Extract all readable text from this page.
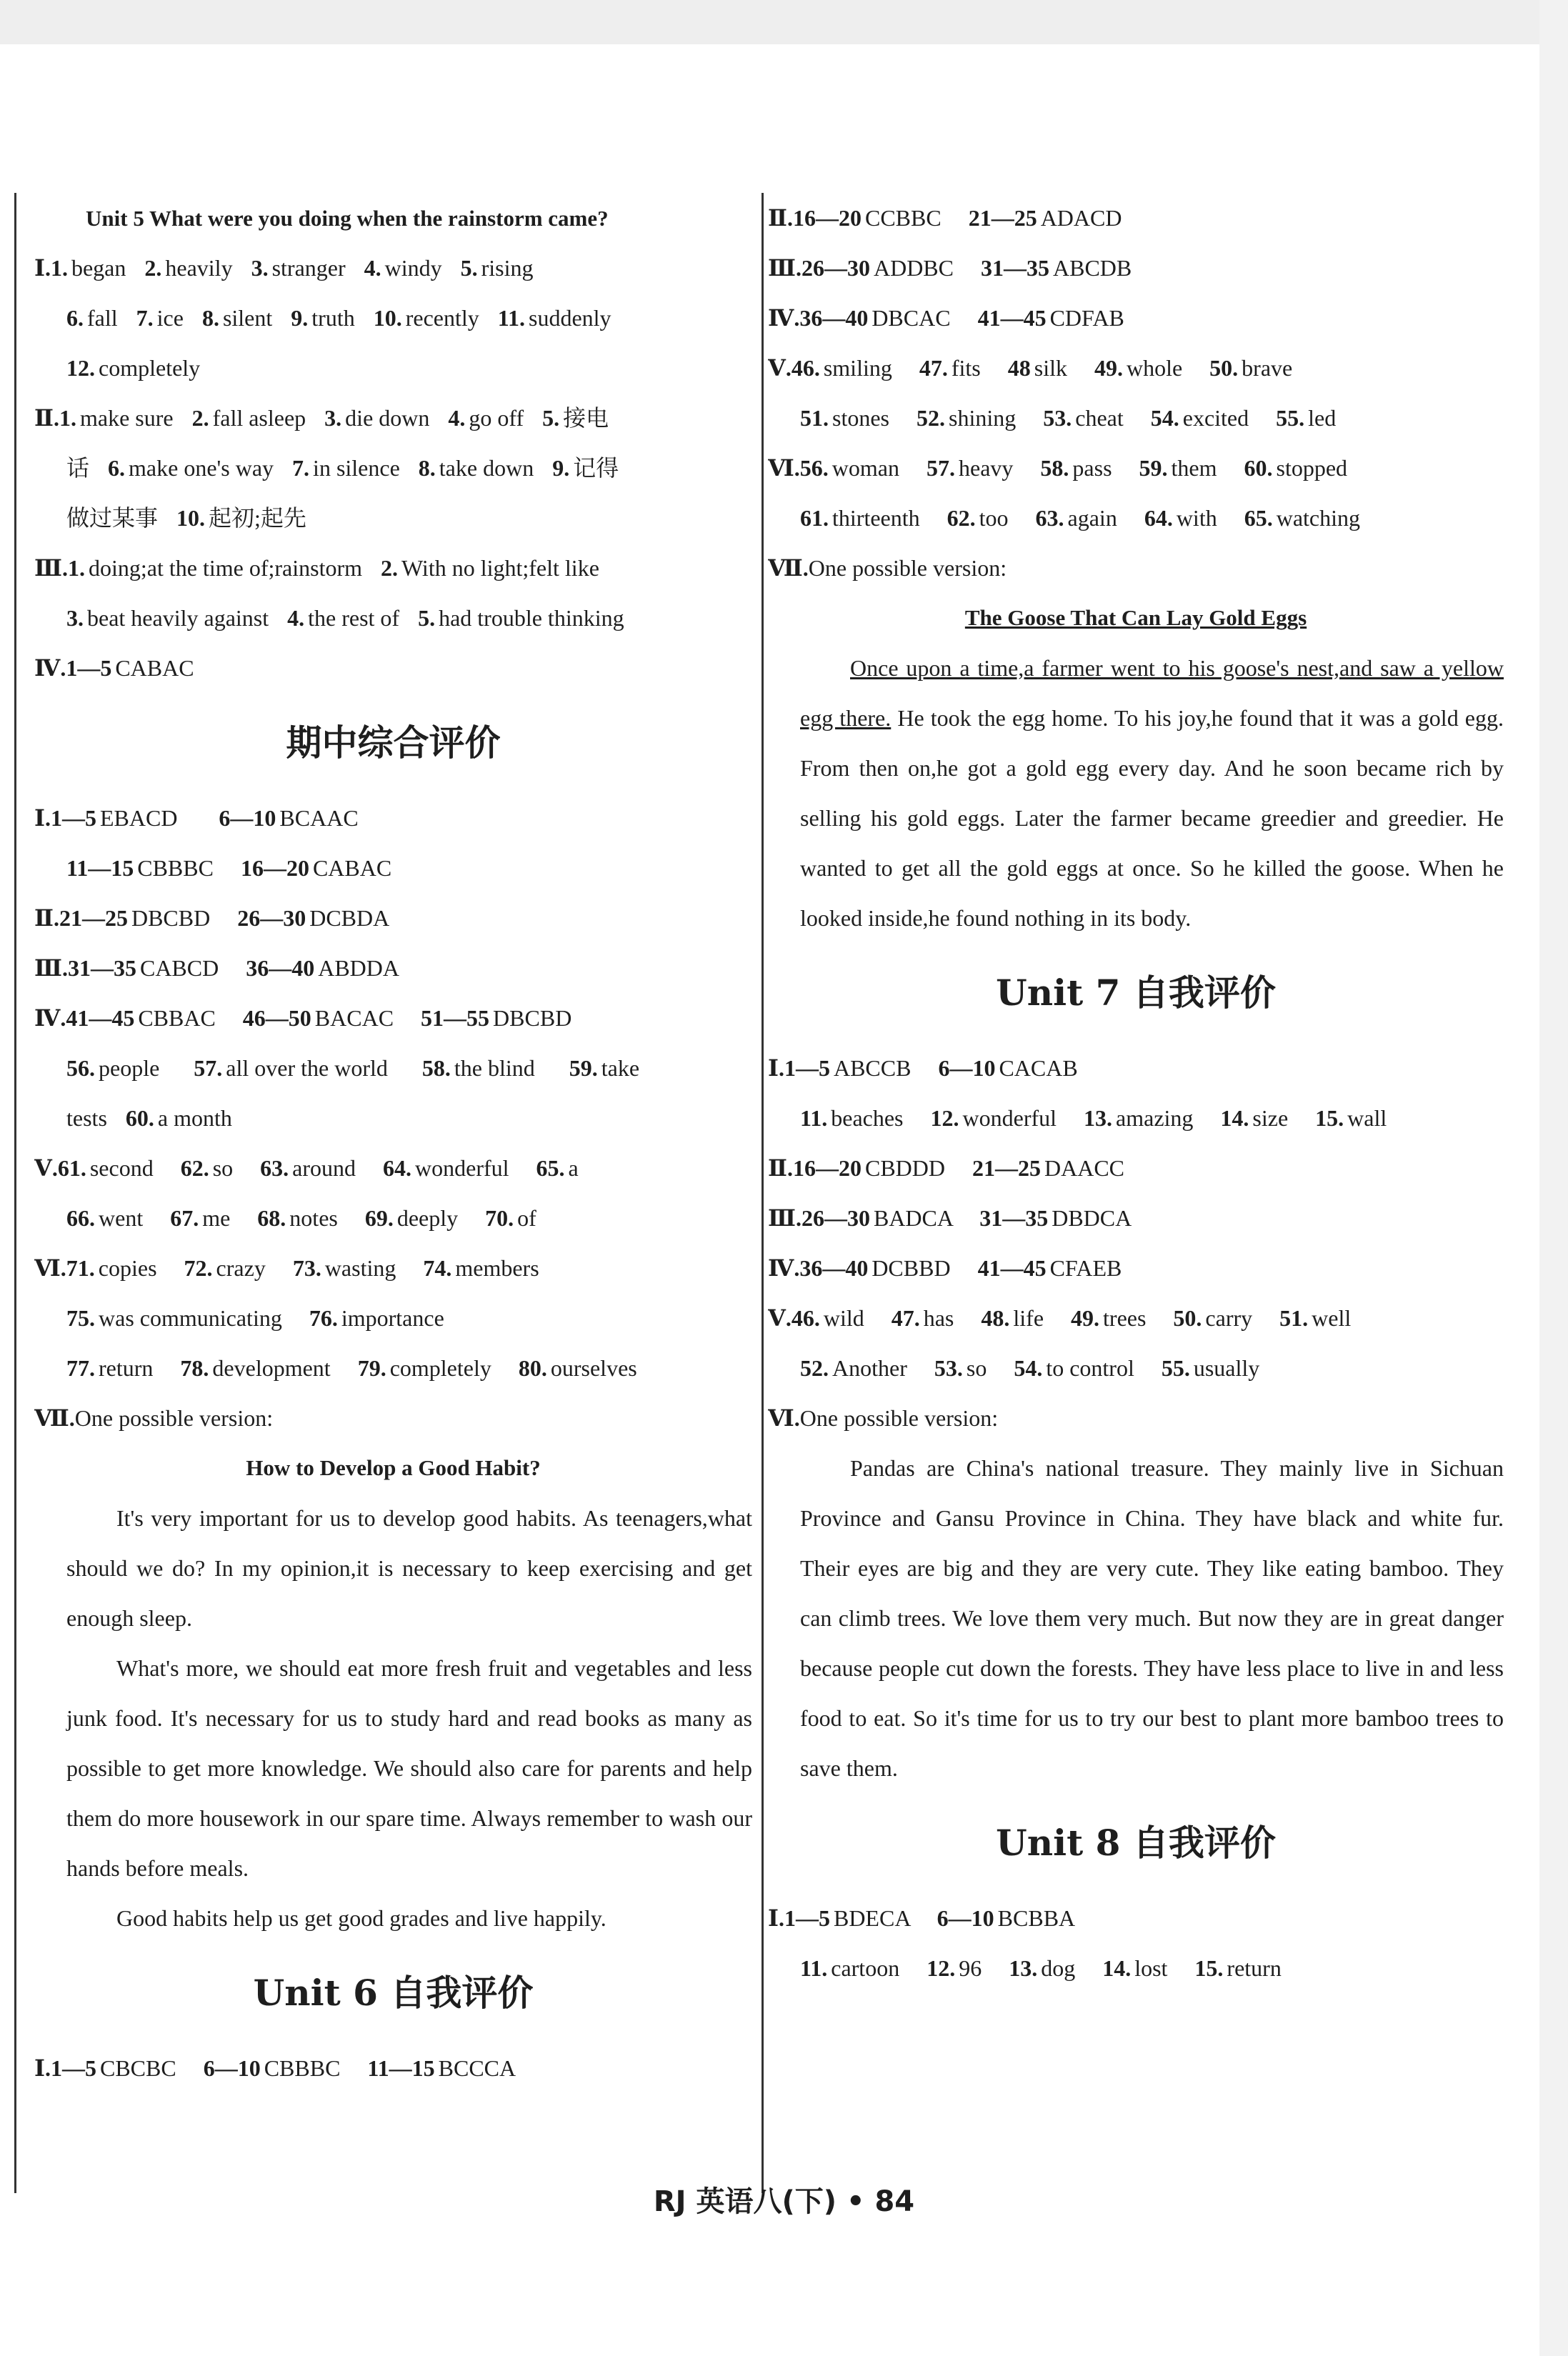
Unit 5 What were you doing when the rainstorm came?
Ⅰ.1. began 2. heavily 3. stranger 4. windy 5. rising
6. fall 7. ice 8. silent 9. truth 10. recently 11. suddenly
12. completely
Ⅱ.1. make sure 2. fall asleep 3. die down 4. go off 5. 接电
话 6. make one's way 7. in silence 8. take down 9. 记得
做过某事 10. 起初;起先
Ⅲ.1. doing;at the time of;rainstorm 2. With no light;felt like
3. beat heavily against 4. the rest of 5. had trouble thinking
Ⅳ.1—5 CABAC
期中综合评价
Ⅰ.1—5 EBACD 6—10 BCAAC
11—15 CBBBC 16—20 CABAC
Ⅱ.21—25 DBCBD 26—30 DCBDA
Ⅲ.31—35 CABCD 36—40 ABDDA
Ⅳ.41—45 CBBAC 46—50 BACAC 51—55 DBCBD
56. people 57. all over the world 58. the blind 59. take
tests 60. a month
Ⅴ.61. second 62. so 63. around 64. wonderful 65. a
66. went 67. me 68. notes 69. deeply 70. of
Ⅵ.71. copies 72. crazy 73. wasting 74. members
75. was communicating 76. importance
77. return 78. development 79. completely 80. ourselves
Ⅶ.One possible version:
How to Develop a Good Habit?
It's very important for us to develop good habits. As teenagers,what should we do? In my opinion,it is necessary to keep exercising and get enough sleep.
What's more, we should eat more fresh fruit and vegetables and less junk food. It's necessary for us to study hard and read books as many as possible to get more knowledge. We should also care for parents and help them do more housework in our spare time. Always remember to wash our hands before meals.
Good habits help us get good grades and live happily.
Unit 6 自我评价
Ⅰ.1—5 CBCBC 6—10 CBBBC 11—15 BCCCA
Ⅱ.16—20 CCBBC 21—25 ADACD
Ⅲ.26—30 ADDBC 31—35 ABCDB
Ⅳ.36—40 DBCAC 41—45 CDFAB
Ⅴ.46. smiling 47. fits 48 silk 49. whole 50. brave
51. stones 52. shining 53. cheat 54. excited 55. led
Ⅵ.56. woman 57. heavy 58. pass 59. them 60. stopped
61. thirteenth 62. too 63. again 64. with 65. watching
Ⅶ.One possible version:
The Goose That Can Lay Gold Eggs
Once upon a time,a farmer went to his goose's nest,and saw a yellow egg there. He took the egg home. To his joy,he found that it was a gold egg. From then on,he got a gold egg every day. And he soon became rich by selling his gold eggs. Later the farmer became greedier and greedier. He wanted to get all the gold eggs at once. So he killed the goose. When he looked inside,he found nothing in its body.
Unit 7 自我评价
Ⅰ.1—5 ABCCB 6—10 CACAB
11. beaches 12. wonderful 13. amazing 14. size 15. wall
Ⅱ.16—20 CBDDD 21—25 DAACC
Ⅲ.26—30 BADCA 31—35 DBDCA
Ⅳ.36—40 DCBBD 41—45 CFAEB
Ⅴ.46. wild 47. has 48. life 49. trees 50. carry 51. well
52. Another 53. so 54. to control 55. usually
Ⅵ.One possible version:
Pandas are China's national treasure. They mainly live in Sichuan Province and Gansu Province in China. They have black and white fur. Their eyes are big and they are very cute. They like eating bamboo. They can climb trees. We love them very much. But now they are in great danger because people cut down the forests. They have less place to live in and less food to eat. So it's time for us to try our best to plant more bamboo trees to save them.
Unit 8 自我评价
Ⅰ.1—5 BDECA 6—10 BCBBA
11. cartoon 12. 96 13. dog 14. lost 15. return
RJ 英语八(下) • 84
